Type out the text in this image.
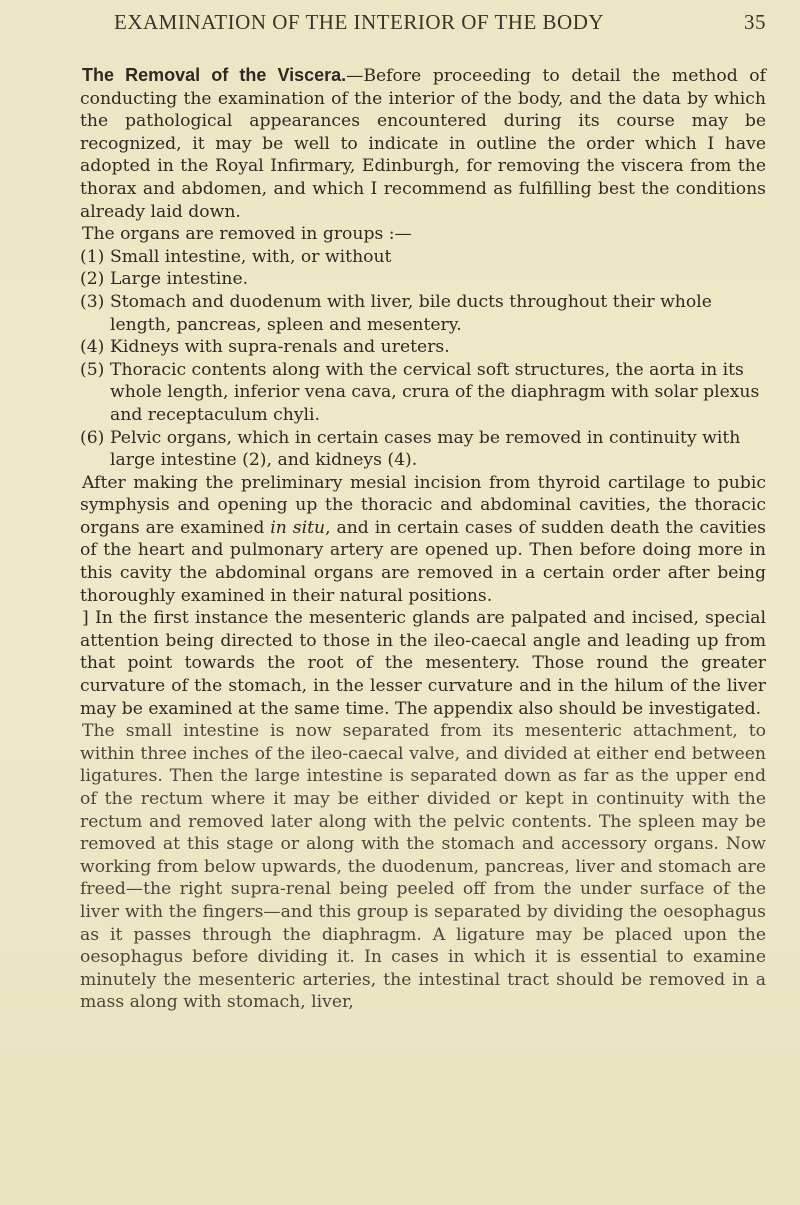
EXAMINATION OF THE INTERIOR OF THE BODY	35

The Removal of the Viscera.—Before proceeding to detail the method of conducting the examination of the interior of the body, and the data by which the pathological appearances encountered during its course may be recognized, it may be well to indicate in outline the order which I have adopted in the Royal Infirmary, Edinburgh, for removing the viscera from the thorax and abdomen, and which I recommend as fulfilling best the conditions already laid down.

The organs are removed in groups :—

(1) Small intestine, with, or without
(2) Large intestine.
(3) Stomach and duodenum with liver, bile ducts throughout their whole length, pancreas, spleen and mesentery.
(4) Kidneys with supra-renals and ureters.
(5) Thoracic contents along with the cervical soft structures, the aorta in its whole length, inferior vena cava, crura of the diaphragm with solar plexus and receptaculum chyli.
(6) Pelvic organs, which in certain cases may be removed in continuity with large intestine (2), and kidneys (4).

After making the preliminary mesial incision from thyroid cartilage to pubic symphysis and opening up the thoracic and abdominal cavities, the thoracic organs are examined in situ, and in certain cases of sudden death the cavities of the heart and pulmonary artery are opened up. Then before doing more in this cavity the abdominal organs are removed in a certain order after being thoroughly examined in their natural positions.

] In the first instance the mesenteric glands are palpated and incised, special attention being directed to those in the ileo-caecal angle and leading up from that point towards the root of the mesentery. Those round the greater curvature of the stomach, in the lesser curvature and in the hilum of the liver may be examined at the same time. The appendix also should be investigated.

The small intestine is now separated from its mesenteric attachment, to within three inches of the ileo-caecal valve, and divided at either end between ligatures. Then the large intestine is separated down as far as the upper end of the rectum where it may be either divided or kept in continuity with the rectum and removed later along with the pelvic contents. The spleen may be removed at this stage or along with the stomach and accessory organs. Now working from below upwards, the duodenum, pancreas, liver and stomach are freed—the right supra-renal being peeled off from the under surface of the liver with the fingers—and this group is separated by dividing the oesophagus as it passes through the diaphragm. A ligature may be placed upon the oesophagus before dividing it. In cases in which it is essential to examine minutely the mesenteric arteries, the intestinal tract should be removed in a mass along with stomach, liver,
